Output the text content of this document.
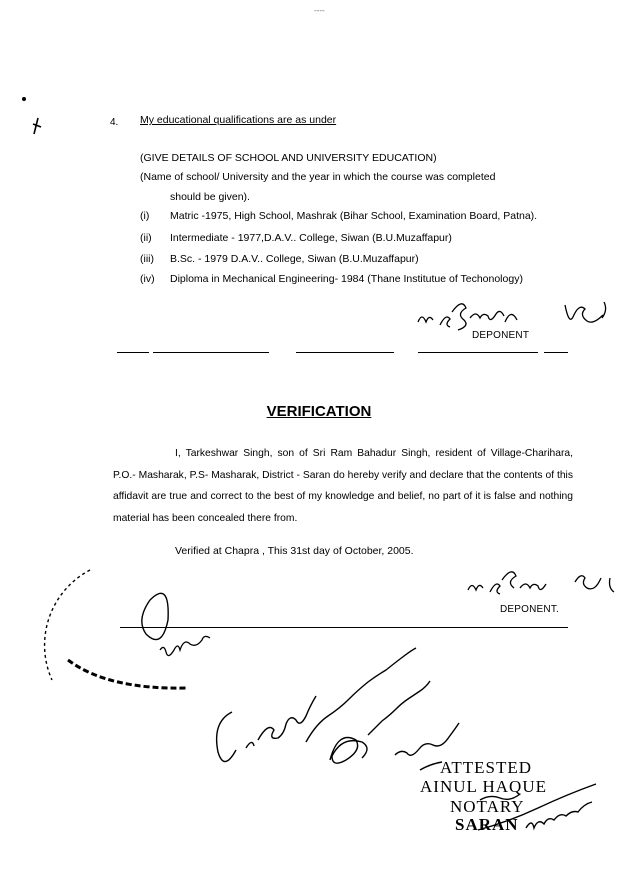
----
4. My educational qualifications are as under
(GIVE DETAILS OF SCHOOL AND UNIVERSITY EDUCATION)
(Name of school/ University and the year in which the course was completed
should be given).
(i) Matric -1975, High School, Mashrak (Bihar School, Examination Board, Patna).
(ii) Intermediate - 1977,D.A.V.. College, Siwan (B.U.Muzaffapur)
(iii) B.Sc. - 1979 D.A.V.. College, Siwan (B.U.Muzaffapur)
(iv) Diploma in Mechanical Engineering- 1984 (Thane Institutue of Techonology)
DEPONENT
VERIFICATION

I, Tarkeshwar Singh, son of Sri Ram Bahadur Singh, resident of Village-Charihara, P.O.- Masharak, P.S- Masharak, District - Saran do hereby verify and declare that the contents of this affidavit are true and correct to the best of my knowledge and belief, no part of it is false and nothing material has been concealed there from.

Verified at Chapra , This 31st day of October, 2005.
DEPONENT.
ATTESTED
AINUL HAQUE
NOTARY
SARAN
